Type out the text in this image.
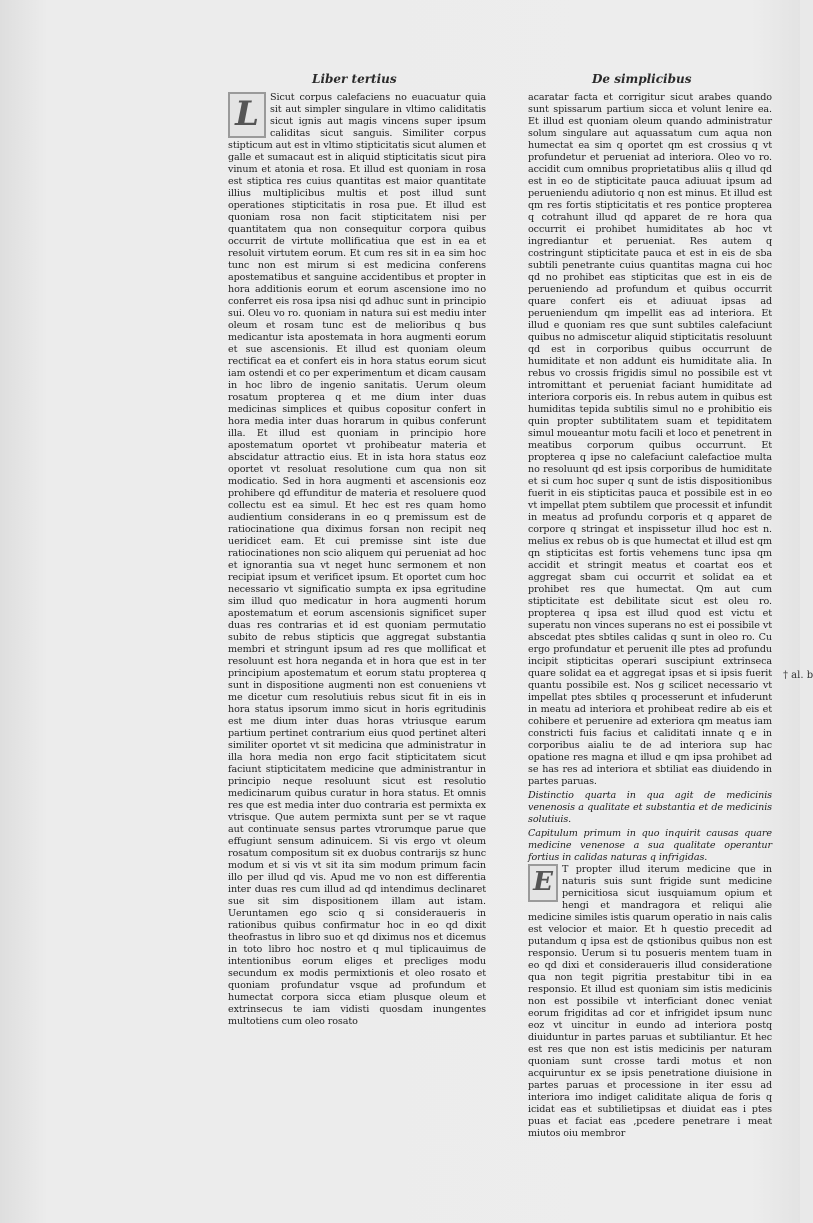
Liber tertius	De simplicibus
L	Sicut corpus calefaciens no euacuatur quia sit aut simpler singulare in vltimo caliditatis sicut ignis aut magis vincens super ipsum caliditas sicut sanguis. Similiter corpus stipticum aut est in vltimo stipticitatis sicut alumen et galle et sumacaut est in aliquid stipticitatis sicut pira vinum et atonia et rosa. Et illud est quoniam in rosa est stiptica res cuius quantitas est maior quantitate illius multiplicibus multis et post illud sunt operationes stipticitatis in rosa pue. Et illud est quoniam rosa non facit stipticitatem nisi per quantitatem qua non consequitur corpora quibus occurrit de virtute mollificatiua que est in ea et resoluit virtutem eorum. Et cum res sit in ea sim hoc tunc non est mirum si est medicina conferens apostematibus et sanguine accidentibus et propter in hora additionis eorum et eorum ascensione imo no conferret eis rosa ipsa nisi qd adhuc sunt in principio sui. Oleu vo ro. quoniam in natura sui est mediu inter oleum et rosam tunc est de melioribus q bus medicantur ista apostemata in hora augmenti eorum et sue ascensionis. Et illud est quoniam oleum rectificat ea et confert eis in hora status eorum sicut iam ostendi et co per experimentum et dicam causam in hoc libro de ingenio sanitatis. Uerum oleum rosatum propterea q et me dium inter duas medicinas simplices et quibus copositur confert in hora media inter duas horarum in quibus conferunt illa. Et illud est quoniam in principio hore apostematum oportet vt prohibeatur materia et abscidatur attractio eius. Et in ista hora status eoz oportet vt resoluat resolutione cum qua non sit modicatio. Sed in hora augmenti et ascensionis eoz prohibere qd effunditur de materia et resoluere quod collectu est ea simul. Et hec est res quam homo audientium considerans in eo q premissum est de ratiocinatione qua diximus forsan non recipit neq ueridicet eam. Et cui premisse sint iste due ratiocinationes non scio aliquem qui perueniat ad hoc et ignorantia sua vt neget hunc sermonem et non recipiat ipsum et verificet ipsum. Et oportet cum hoc necessario vt significatio sumpta ex ipsa egritudine sim illud quo medicatur in hora augmenti horum apostematum et eorum ascensionis significet super duas res contrarias et id est quoniam permutatio subito de rebus stipticis que aggregat substantia membri et stringunt ipsum ad res que mollificat et resoluunt est hora neganda et in hora que est in ter principium apostematum et eorum statu propterea q sunt in dispositione augmenti non est conueniens vt me dicetur cum resolutiuis rebus sicut fit in eis in hora status ipsorum immo sicut in horis egritudinis est me dium inter duas horas vtriusque earum partium pertinet contrarium eius quod pertinet alteri similiter oportet vt sit medicina que administratur in illa hora media non ergo facit stipticitatem sicut faciunt stipticitatem medicine que administrantur in principio neque resoluunt sicut est resolutio medicinarum quibus curatur in hora status. Et omnis res que est media inter duo contraria est permixta ex vtrisque. Que autem permixta sunt per se vt raque aut continuate sensus partes vtrorumque parue que effugiunt sensum adinuicem. Si vis ergo vt oleum rosatum compositum sit ex duobus contrarijs sz hunc modum et si vis vt sit ita sim modum primum facin illo per illud qd vis. Apud me vo non est differentia inter duas res cum illud ad qd intendimus declinaret sue sit sim dispositionem illam aut istam. Ueruntamen ego scio q si consideraueris in rationibus quibus confirmatur hoc in eo qd dixit theofrastus in libro suo et qd diximus nos et dicemus in toto libro hoc nostro et q mul tiplicauimus de intentionibus eorum eliges et precliges modu secundum ex modis permixtionis et oleo rosato et quoniam profundatur vsque ad profundum et humectat corpora sicca etiam plusque oleum et extrinsecus te iam vidisti quosdam inungentes multotiens cum oleo rosato

acaratar facta et corrigitur sicut arabes quando sunt spissarum partium sicca et volunt lenire ea. Et illud est quoniam oleum quando administratur solum singulare aut aquassatum cum aqua non humectat ea sim q oportet qm est crossius q vt profundetur et perueniat ad interiora. Oleo vo ro. accidit cum omnibus proprietatibus aliis q illud qd est in eo de stipticitate pauca adiuuat ipsum ad perueniendu adiutorio q non est minus. Et illud est qm res fortis stipticitatis et res pontice propterea q cotrahunt illud qd apparet de re hora qua occurrit ei prohibet humiditates ab hoc vt ingrediantur et perueniat. Res autem q costringunt stipticitate pauca et est in eis de sba subtili penetrante cuius quantitas magna cui hoc qd no prohibet eas stipticitas que est in eis de perueniendo ad profundum et quibus occurrit quare confert eis et adiuuat ipsas ad perueniendum qm impellit eas ad interiora. Et illud e quoniam res que sunt subtiles calefaciunt quibus no admiscetur aliquid stipticitatis resoluunt qd est in corporibus quibus occurrunt de humiditate et non addunt eis humiditate alia. In rebus vo crossis frigidis simul no possibile est vt intromittant et perueniat faciant humiditate ad interiora corporis eis. In rebus autem in quibus est humiditas tepida subtilis simul no e prohibitio eis quin propter subtilitatem suam et tepiditatem simul moueantur motu facili et loco et penetrent in meatibus corporum quibus occurrunt. Et propterea q ipse no calefaciunt calefactioe multa no resoluunt qd est ipsis corporibus de humiditate et si cum hoc super q sunt de istis dispositionibus fuerit in eis stipticitas pauca et possibile est in eo vt impellat ptem subtilem que processit et infundit in meatus ad profundu corporis et q apparet de corpore q stringat et inspissetur illud hoc est n. melius ex rebus ob is que humectat et illud est qm qn stipticitas est fortis vehemens tunc ipsa qm accidit et stringit meatus et coartat eos et aggregat sbam cui occurrit et solidat ea et prohibet res que humectat. Qm aut cum stipticitate est debilitate sicut est oleu ro. propterea q ipsa est illud quod est victu et superatu non vinces superans no est ei possibile vt abscedat ptes sbtiles calidas q sunt in oleo ro. Cu ergo profundatur et peruenit ille ptes ad profundu incipit stipticitas operari suscipiunt extrinseca quare solidat ea et aggregat ipsas et si ipsis fuerit quantu possibile est. Nos g scilicet necessario vt impellat ptes sbtiles q processerunt et infuderunt in meatu ad interiora et prohibeat redire ab eis et cohibere et peruenire ad exteriora qm meatus iam constricti fuis facius et caliditati innate q e in corporibus aialiu te de ad interiora sup hac opatione res magna et illud e qm ipsa prohibet ad se has res ad interiora et sbtiliat eas diuidendo in partes paruas.

Distinctio quarta in qua agit de medicinis venenosis a qualitate et substantia et de medicinis solutiuis.

Capitulum primum in quo inquirit causas quare medicine venenose a sua qualitate operantur fortius in calidas naturas q infrigidas.

E T propter illud iterum medicine que in naturis suis sunt frigide sunt medicine pernicitiosa sicut iusquiamum opium et hengi et mandragora et reliqui alie medicine similes istis quarum operatio in nais calis est velocior et maior. Et h questio precedit ad putandum q ipsa est de qstionibus quibus non est responsio. Uerum si tu posueris mentem tuam in eo qd dixi et consideraueris illud consideratione qua non tegit pigritia prestabitur tibi in ea responsio. Et illud est quoniam sim istis medicinis non est possibile vt interficiant donec veniat eorum frigiditas ad cor et infrigidet ipsum nunc eoz vt uincitur in eundo ad interiora postq diuiduntur in partes paruas et subtiliantur. Et hec est res que non est istis medicinis per naturam quoniam sunt crosse tardi motus et non acquiruntur ex se ipsis penetratione diuisione in partes paruas et processione in iter essu ad interiora imo indiget caliditate aliqua de foris q icidat eas et subtilietipsas et diuidat eas i ptes puas et faciat eas ,pcedere penetrare i meat miutos oiu membror

† al. b
